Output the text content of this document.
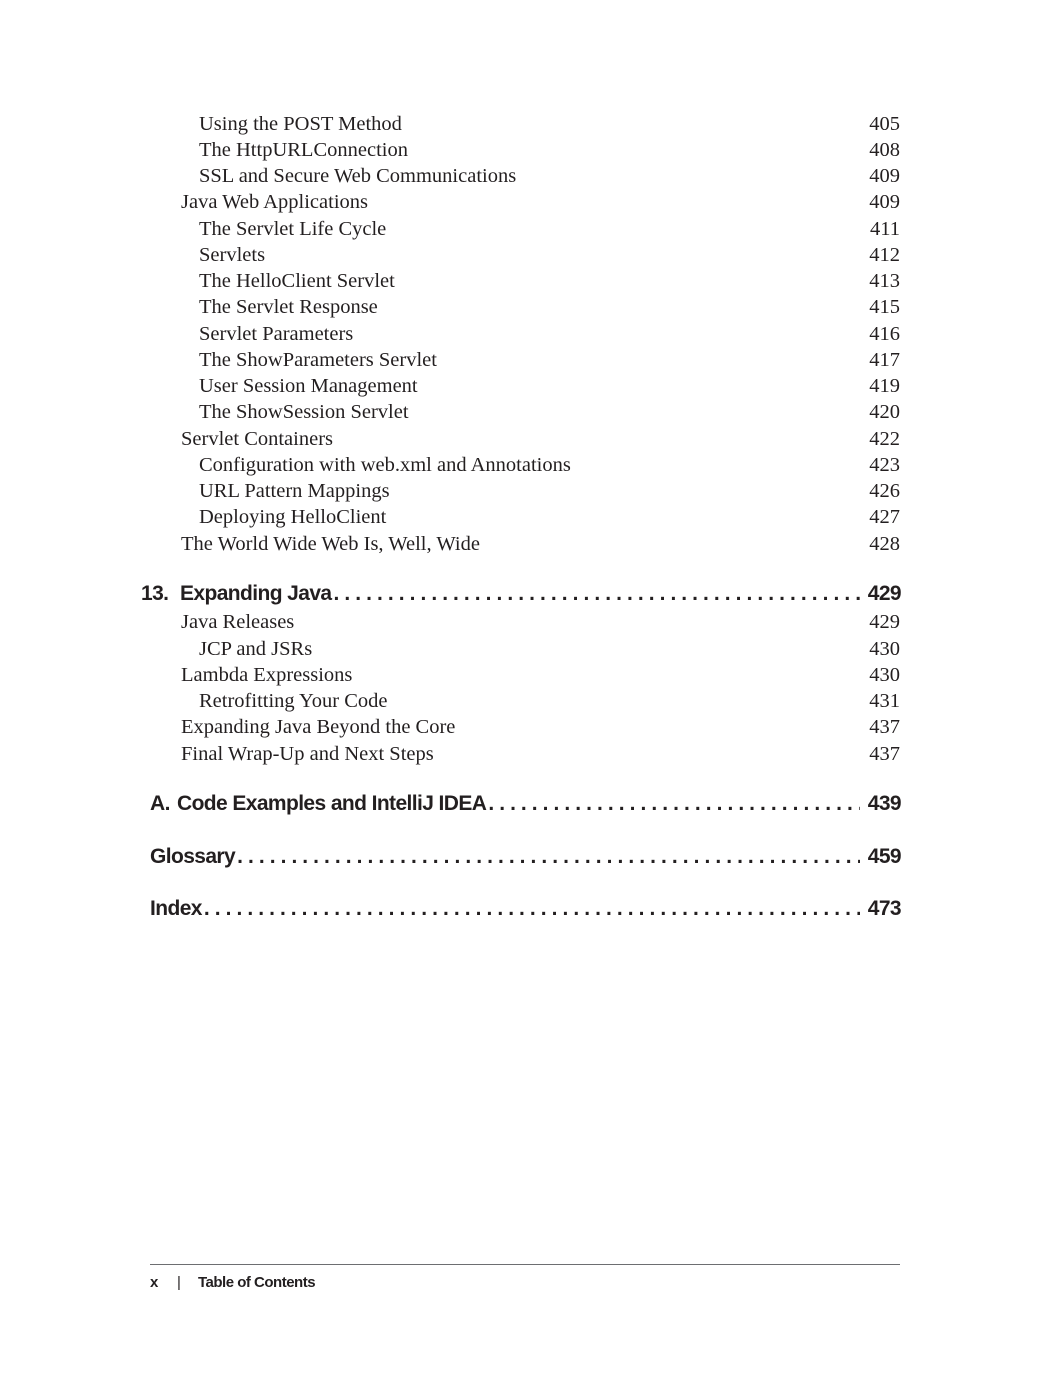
Using the POST Method	405
The HttpURLConnection	408
SSL and Secure Web Communications	409
Java Web Applications	409
The Servlet Life Cycle	411
Servlets	412
The HelloClient Servlet	413
The Servlet Response	415
Servlet Parameters	416
The ShowParameters Servlet	417
User Session Management	419
The ShowSession Servlet	420
Servlet Containers	422
Configuration with web.xml and Annotations	423
URL Pattern Mappings	426
Deploying HelloClient	427
The World Wide Web Is, Well, Wide	428
13. Expanding Java . . .	429
Java Releases	429
JCP and JSRs	430
Lambda Expressions	430
Retrofitting Your Code	431
Expanding Java Beyond the Core	437
Final Wrap-Up and Next Steps	437
A. Code Examples and IntelliJ IDEA . . .	439
Glossary . . .	459
Index . . .	473
x | Table of Contents
